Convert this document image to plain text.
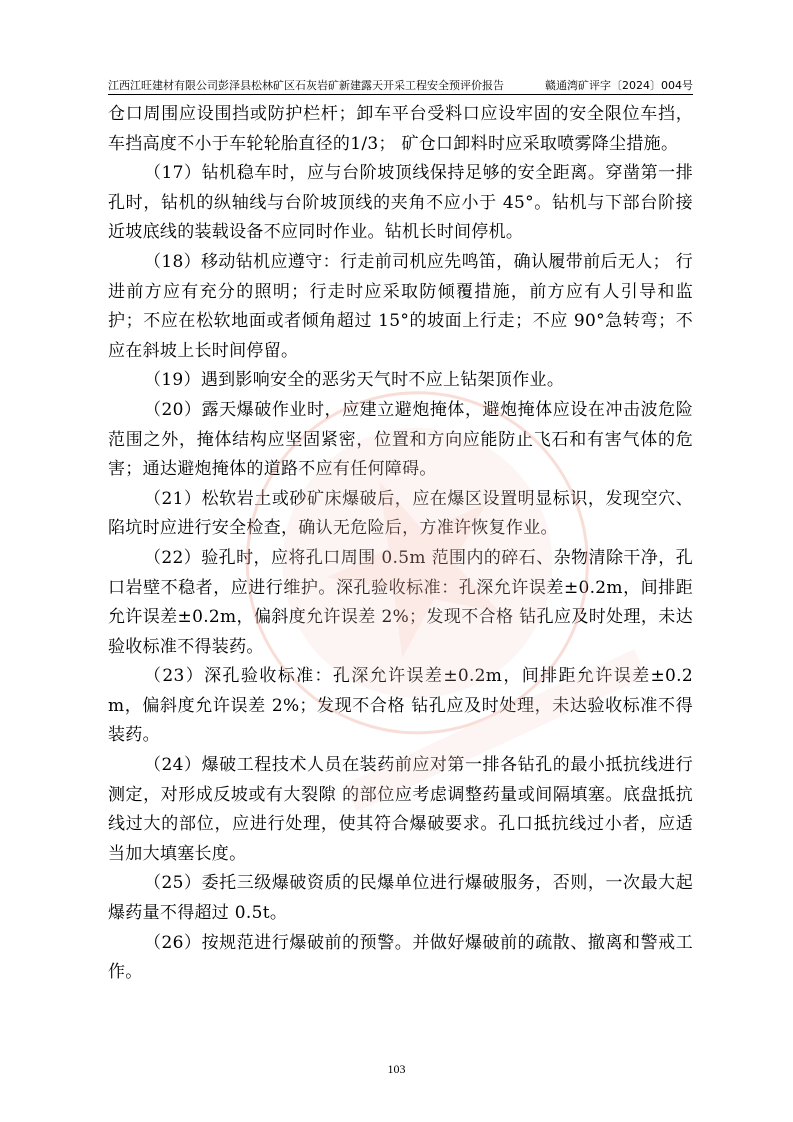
江西江旺建材有限公司彭泽县松林矿区石灰岩矿新建露天开采工程安全预评价报告	赣通湾矿评字〔2024〕004号

仓口周围应设围挡或防护栏杆；卸车平台受料口应设牢固的安全限位车挡，车挡高度不小于车轮轮胎直径的1/3； 矿仓口卸料时应采取喷雾降尘措施。

（17）钻机稳车时，应与台阶坡顶线保持足够的安全距离。穿凿第一排孔时，钻机的纵轴线与台阶坡顶线的夹角不应小于 45°。钻机与下部台阶接近坡底线的装载设备不应同时作业。钻机长时间停机。

（18）移动钻机应遵守：行走前司机应先鸣笛，确认履带前后无人； 行进前方应有充分的照明；行走时应采取防倾覆措施，前方应有人引导和监护；不应在松软地面或者倾角超过 15°的坡面上行走；不应 90°急转弯；不应在斜坡上长时间停留。

（19）遇到影响安全的恶劣天气时不应上钻架顶作业。

（20）露天爆破作业时，应建立避炮掩体，避炮掩体应设在冲击波危险范围之外，掩体结构应坚固紧密，位置和方向应能防止飞石和有害气体的危害；通达避炮掩体的道路不应有任何障碍。

（21）松软岩土或砂矿床爆破后，应在爆区设置明显标识，发现空穴、陷坑时应进行安全检查，确认无危险后，方准许恢复作业。

（22）验孔时，应将孔口周围 0.5m 范围内的碎石、杂物清除干净，孔口岩壁不稳者，应进行维护。深孔验收标准：孔深允许误差±0.2m，间排距允许误差±0.2m，偏斜度允许误差 2%；发现不合格 钻孔应及时处理，未达验收标准不得装药。

（23）深孔验收标准：孔深允许误差±0.2m，间排距允许误差±0.2m，偏斜度允许误差 2%；发现不合格 钻孔应及时处理，未达验收标准不得装药。

（24）爆破工程技术人员在装药前应对第一排各钻孔的最小抵抗线进行测定，对形成反坡或有大裂隙 的部位应考虑调整药量或间隔填塞。底盘抵抗线过大的部位，应进行处理，使其符合爆破要求。孔口抵抗线过小者，应适当加大填塞长度。

（25）委托三级爆破资质的民爆单位进行爆破服务，否则，一次最大起爆药量不得超过 0.5t。

（26）按规范进行爆破前的预警。并做好爆破前的疏散、撤离和警戒工作。

103
